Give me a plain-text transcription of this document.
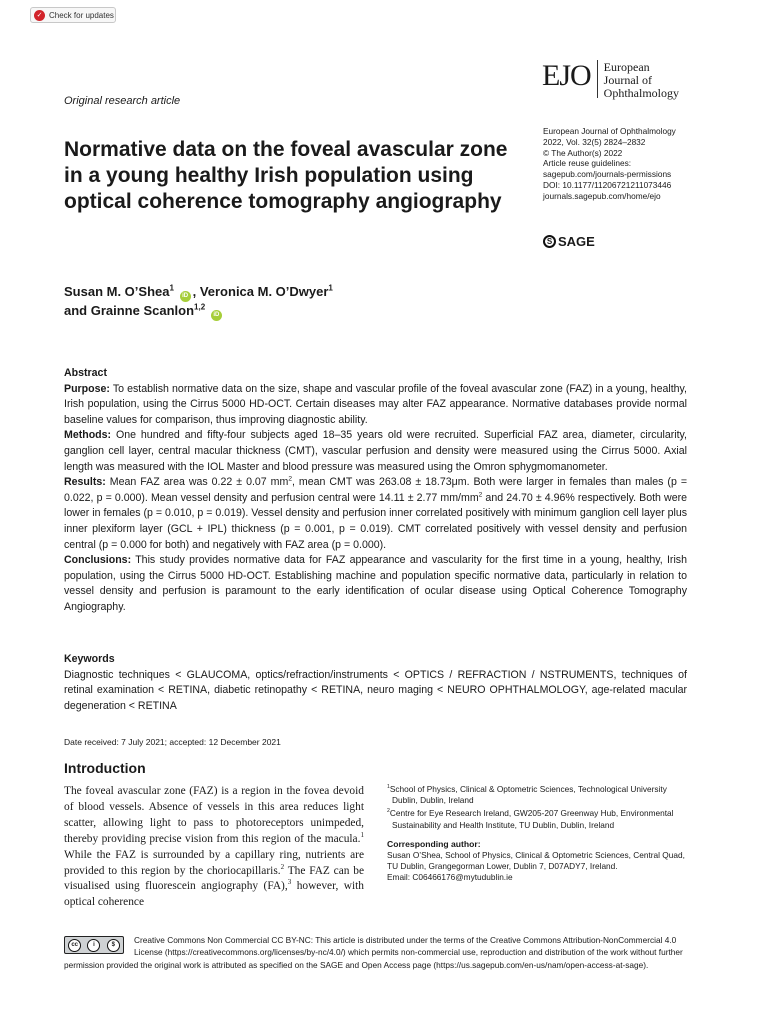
✓ Check for updates
Original research article
EJO	European
Journal of
Ophthalmology
Normative data on the foveal avascular zone in a young healthy Irish population using optical coherence tomography angiography
European Journal of Ophthalmology
2022, Vol. 32(5) 2824–2832
© The Author(s) 2022
Article reuse guidelines:
sagepub.com/journals-permissions
DOI: 10.1177/11206721211073446
journals.sagepub.com/home/ejo
S SAGE
Susan M. O’Shea$^1$ iD , Veronica M. O’Dwyer$^1$
and Grainne Scanlon$^{1,2}$ iD

Abstract

Purpose: To establish normative data on the size, shape and vascular profile of the foveal avascular zone (FAZ) in a young, healthy, Irish population, using the Cirrus 5000 HD-OCT. Certain diseases may alter FAZ appearance. Normative databases provide normal baseline values for comparison, thus improving diagnostic ability.

Methods: One hundred and fifty-four subjects aged 18–35 years old were recruited. Superficial FAZ area, diameter, circularity, ganglion cell layer, central macular thickness (CMT), vascular perfusion and density were measured using the Cirrus 5000. Axial length was measured with the IOL Master and blood pressure was measured using the Omron sphygmomanometer.

Results: Mean FAZ area was 0.22 ± 0.07 $mm^2$, mean CMT was 263.08 ± 18.73μm. Both were larger in females than males (p = 0.022, p = 0.000). Mean vessel density and perfusion central were 14.11 ± 2.77 $mm/mm^2$ and 24.70 ± 4.96% respectively. Both were lower in females (p = 0.010, p = 0.019). Vessel density and perfusion inner correlated positively with minimum ganglion cell layer plus inner plexiform layer (GCL + IPL) thickness (p = 0.001, p = 0.019). CMT correlated positively with vessel density and perfusion central (p = 0.000 for both) and negatively with FAZ area (p = 0.000).

Conclusions: This study provides normative data for FAZ appearance and vascularity for the first time in a young, healthy, Irish population, using the Cirrus 5000 HD-OCT. Establishing machine and population specific normative data, particularly in relation to vessel density and perfusion is paramount to the early identification of ocular disease using Optical Coherence Tomography Angiography.

Keywords

Diagnostic techniques < GLAUCOMA, optics/refraction/instruments < OPTICS / REFRACTION / NSTRUMENTS, techniques of retinal examination < RETINA, diabetic retinopathy < RETINA, neuro maging < NEURO OPHTHALMOLOGY, age-related macular degeneration < RETINA

Date received: 7 July 2021; accepted: 12 December 2021
Introduction

The foveal avascular zone (FAZ) is a region in the fovea devoid of blood vessels. Absence of vessels in this area reduces light scatter, allowing light to pass to photoreceptors unimpeded, thereby providing precise vision from this region of the macula.$^1$ While the FAZ is surrounded by a capillary ring, nutrients are provided to this region by the choriocapillaris.$^2$ The FAZ can be visualised using fluorescein angiography (FA),$^3$ however, with optical coherence

$^1$School of Physics, Clinical & Optometric Sciences, Technological University Dublin, Dublin, Ireland
$^2$Centre for Eye Research Ireland, GW205-207 Greenway Hub, Environmental Sustainability and Health Institute, TU Dublin, Dublin, Ireland
Corresponding author:
Susan O’Shea, School of Physics, Clinical & Optometric Sciences, Central Quad, TU Dublin, Grangegorman Lower, Dublin 7, D07ADY7, Ireland.
Email: C06466176@mytudublin.ie
cc	i	$	Creative Commons Non Commercial CC BY-NC: This article is distributed under the terms of the Creative Commons Attribution-NonCommercial 4.0 License (https://creativecommons.org/licenses/by-nc/4.0/) which permits non-commercial use, reproduction and distribution of the work without further permission provided the original work is attributed as specified on the SAGE and Open Access page (https://us.sagepub.com/en-us/nam/open-access-at-sage).
